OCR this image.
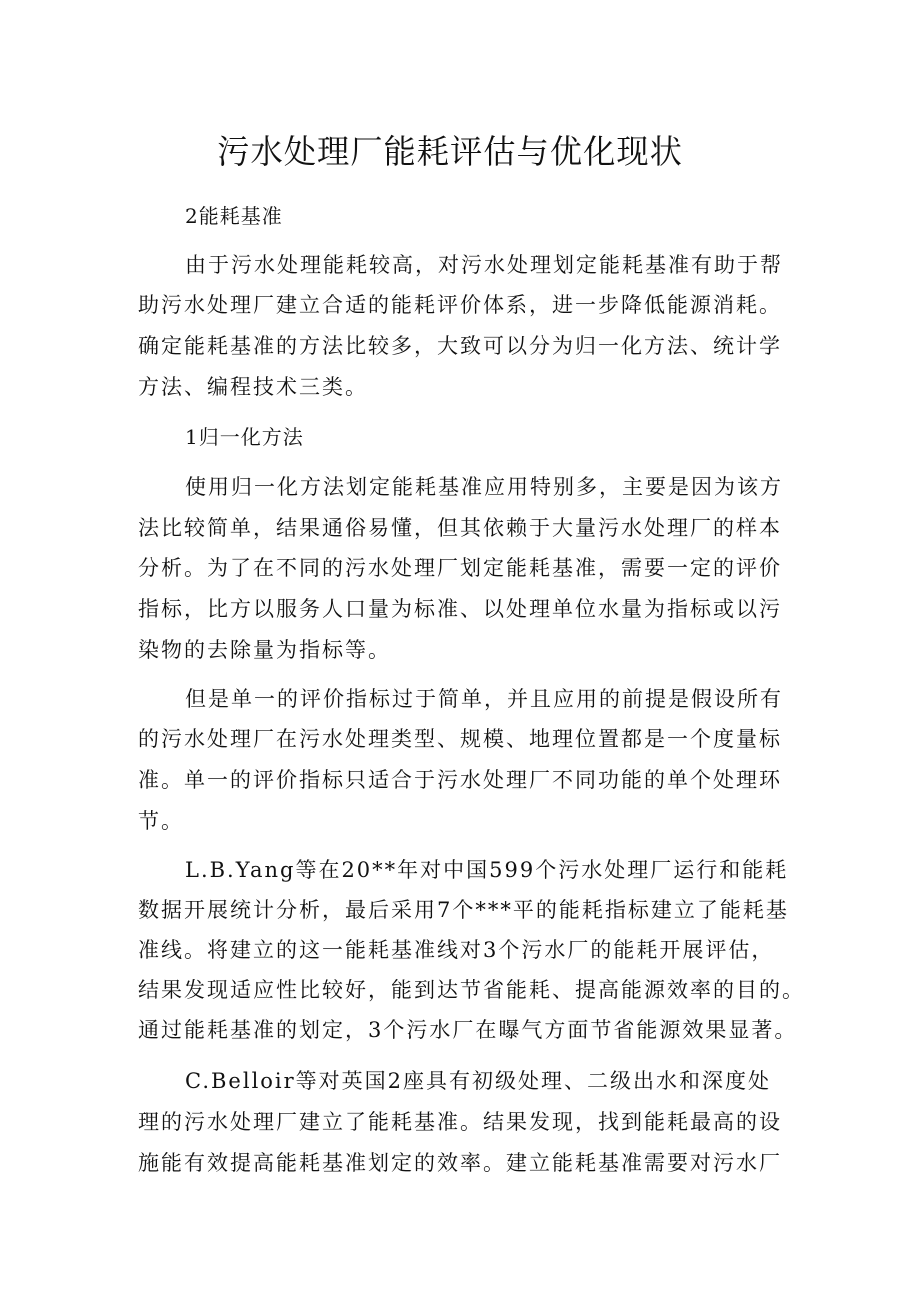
污水处理厂能耗评估与优化现状

2能耗基准

由于污水处理能耗较高，对污水处理划定能耗基准有助于帮

助污水处理厂建立合适的能耗评价体系，进一步降低能源消耗。

确定能耗基准的方法比较多，大致可以分为归一化方法、统计学

方法、编程技术三类。

1归一化方法

使用归一化方法划定能耗基准应用特别多，主要是因为该方

法比较简单，结果通俗易懂，但其依赖于大量污水处理厂的样本

分析。为了在不同的污水处理厂划定能耗基准，需要一定的评价

指标，比方以服务人口量为标准、以处理单位水量为指标或以污

染物的去除量为指标等。

但是单一的评价指标过于简单，并且应用的前提是假设所有

的污水处理厂在污水处理类型、规模、地理位置都是一个度量标

准。单一的评价指标只适合于污水处理厂不同功能的单个处理环

节。

L.B.Yang等在20**年对中国599个污水处理厂运行和能耗

数据开展统计分析，最后采用7个***平的能耗指标建立了能耗基

准线。将建立的这一能耗基准线对3个污水厂的能耗开展评估，

结果发现适应性比较好，能到达节省能耗、提高能源效率的目的。

通过能耗基准的划定，3个污水厂在曝气方面节省能源效果显著。

C.Belloir等对英国2座具有初级处理、二级出水和深度处

理的污水处理厂建立了能耗基准。结果发现，找到能耗最高的设

施能有效提高能耗基准划定的效率。建立能耗基准需要对污水厂
